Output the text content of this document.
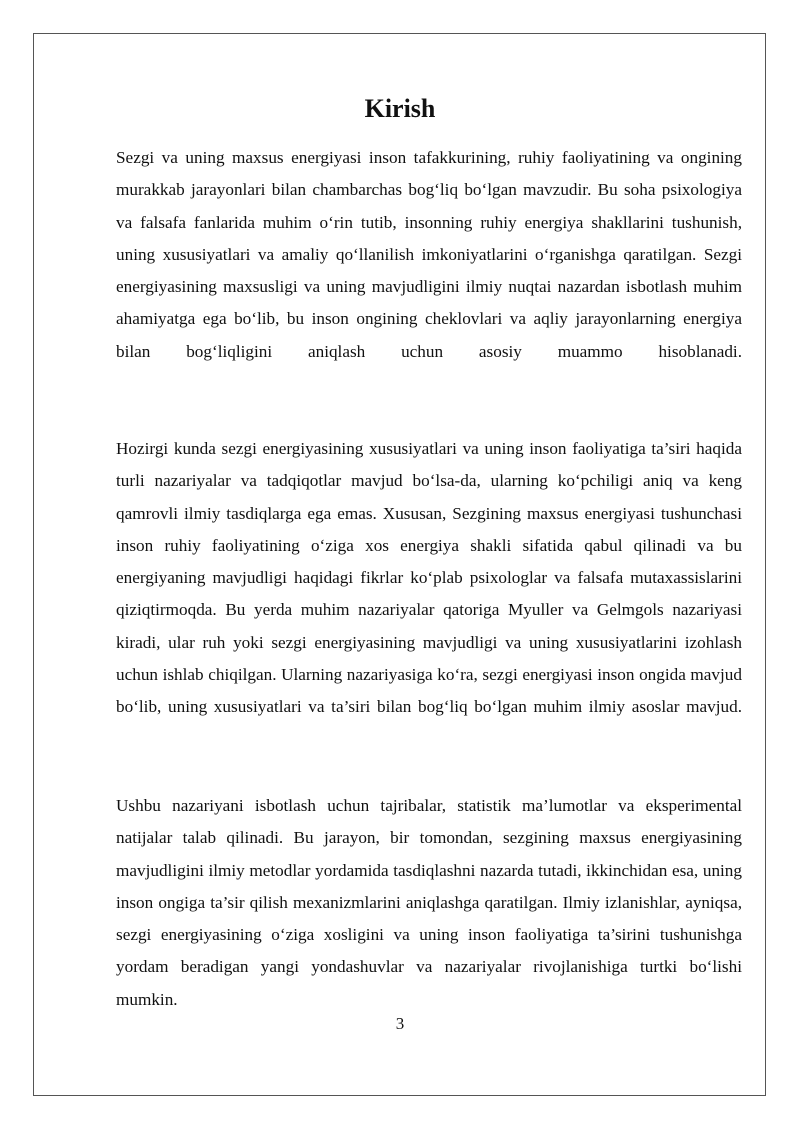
Kirish

Sezgi va uning maxsus energiyasi inson tafakkurining, ruhiy faoliyatining va ongining murakkab jarayonlari bilan chambarchas bog‘liq bo‘lgan mavzudir. Bu soha psixologiya va falsafa fanlarida muhim o‘rin tutib, insonning ruhiy energiya shakllarini tushunish, uning xususiyatlari va amaliy qo‘llanilish imkoniyatlarini o‘rganishga qaratilgan. Sezgi energiyasining maxsusligi va uning mavjudligini ilmiy nuqtai nazardan isbotlash muhim ahamiyatga ega bo‘lib, bu inson ongining cheklovlari va aqliy jarayonlarning energiya bilan bog‘liqligini aniqlash uchun asosiy muammo hisoblanadi.

Hozirgi kunda sezgi energiyasining xususiyatlari va uning inson faoliyatiga ta’siri haqida turli nazariyalar va tadqiqotlar mavjud bo‘lsa-da, ularning ko‘pchiligi aniq va keng qamrovli ilmiy tasdiqlarga ega emas. Xususan, Sezgining maxsus energiyasi tushunchasi inson ruhiy faoliyatining o‘ziga xos energiya shakli sifatida qabul qilinadi va bu energiyaning mavjudligi haqidagi fikrlar ko‘plab psixologlar va falsafa mutaxassislarini qiziqtirmoqda. Bu yerda muhim nazariyalar qatoriga Myuller va Gelmgols nazariyasi kiradi, ular ruh yoki sezgi energiyasining mavjudligi va uning xususiyatlarini izohlash uchun ishlab chiqilgan. Ularning nazariyasiga ko‘ra, sezgi energiyasi inson ongida mavjud bo‘lib, uning xususiyatlari va ta’siri bilan bog‘liq bo‘lgan muhim ilmiy asoslar mavjud.

Ushbu nazariyani isbotlash uchun tajribalar, statistik ma’lumotlar va eksperimental natijalar talab qilinadi. Bu jarayon, bir tomondan, sezgining maxsus energiyasining mavjudligini ilmiy metodlar yordamida tasdiqlashni nazarda tutadi, ikkinchidan esa, uning inson ongiga ta’sir qilish mexanizmlarini aniqlashga qaratilgan. Ilmiy izlanishlar, ayniqsa, sezgi energiyasining o‘ziga xosligini va uning inson faoliyatiga ta’sirini tushunishga yordam beradigan yangi yondashuvlar va nazariyalar rivojlanishiga turtki bo‘lishi mumkin.

3
